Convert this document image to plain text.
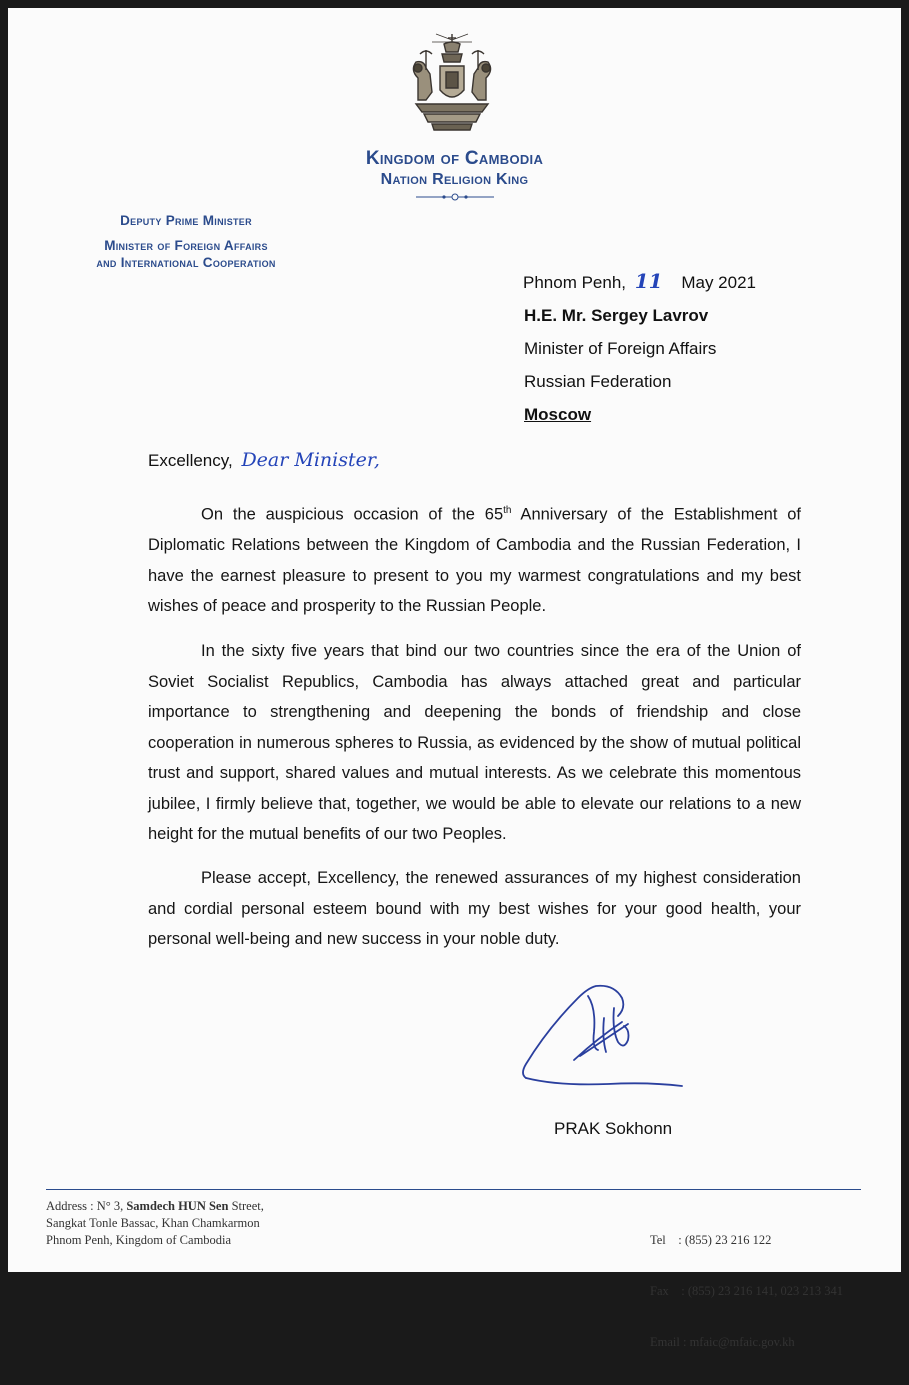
Kingdom of Cambodia
Nation Religion King
Deputy Prime Minister
Minister of Foreign Affairs
and International Cooperation
Phnom Penh, 11 May 2021
H.E. Mr. Sergey Lavrov
Minister of Foreign Affairs
Russian Federation
Moscow
Excellency, Dear Minister,
On the auspicious occasion of the 65th Anniversary of the Establishment of Diplomatic Relations between the Kingdom of Cambodia and the Russian Federation, I have the earnest pleasure to present to you my warmest congratulations and my best wishes of peace and prosperity to the Russian People.
In the sixty five years that bind our two countries since the era of the Union of Soviet Socialist Republics, Cambodia has always attached great and particular importance to strengthening and deepening the bonds of friendship and close cooperation in numerous spheres to Russia, as evidenced by the show of mutual political trust and support, shared values and mutual interests. As we celebrate this momentous jubilee, I firmly believe that, together, we would be able to elevate our relations to a new height for the mutual benefits of our two Peoples.
Please accept, Excellency, the renewed assurances of my highest consideration and cordial personal esteem bound with my best wishes for your good health, your personal well-being and new success in your noble duty.
PRAK Sokhonn
Address : N° 3, Samdech HUN Sen Street,
Sangkat Tonle Bassac, Khan Chamkarmon
Phnom Penh, Kingdom of Cambodia

	Tel    : (855) 23 216 122

Fax    : (855) 23 216 141, 023 213 341

Email : mfaic@mfaic.gov.kh
